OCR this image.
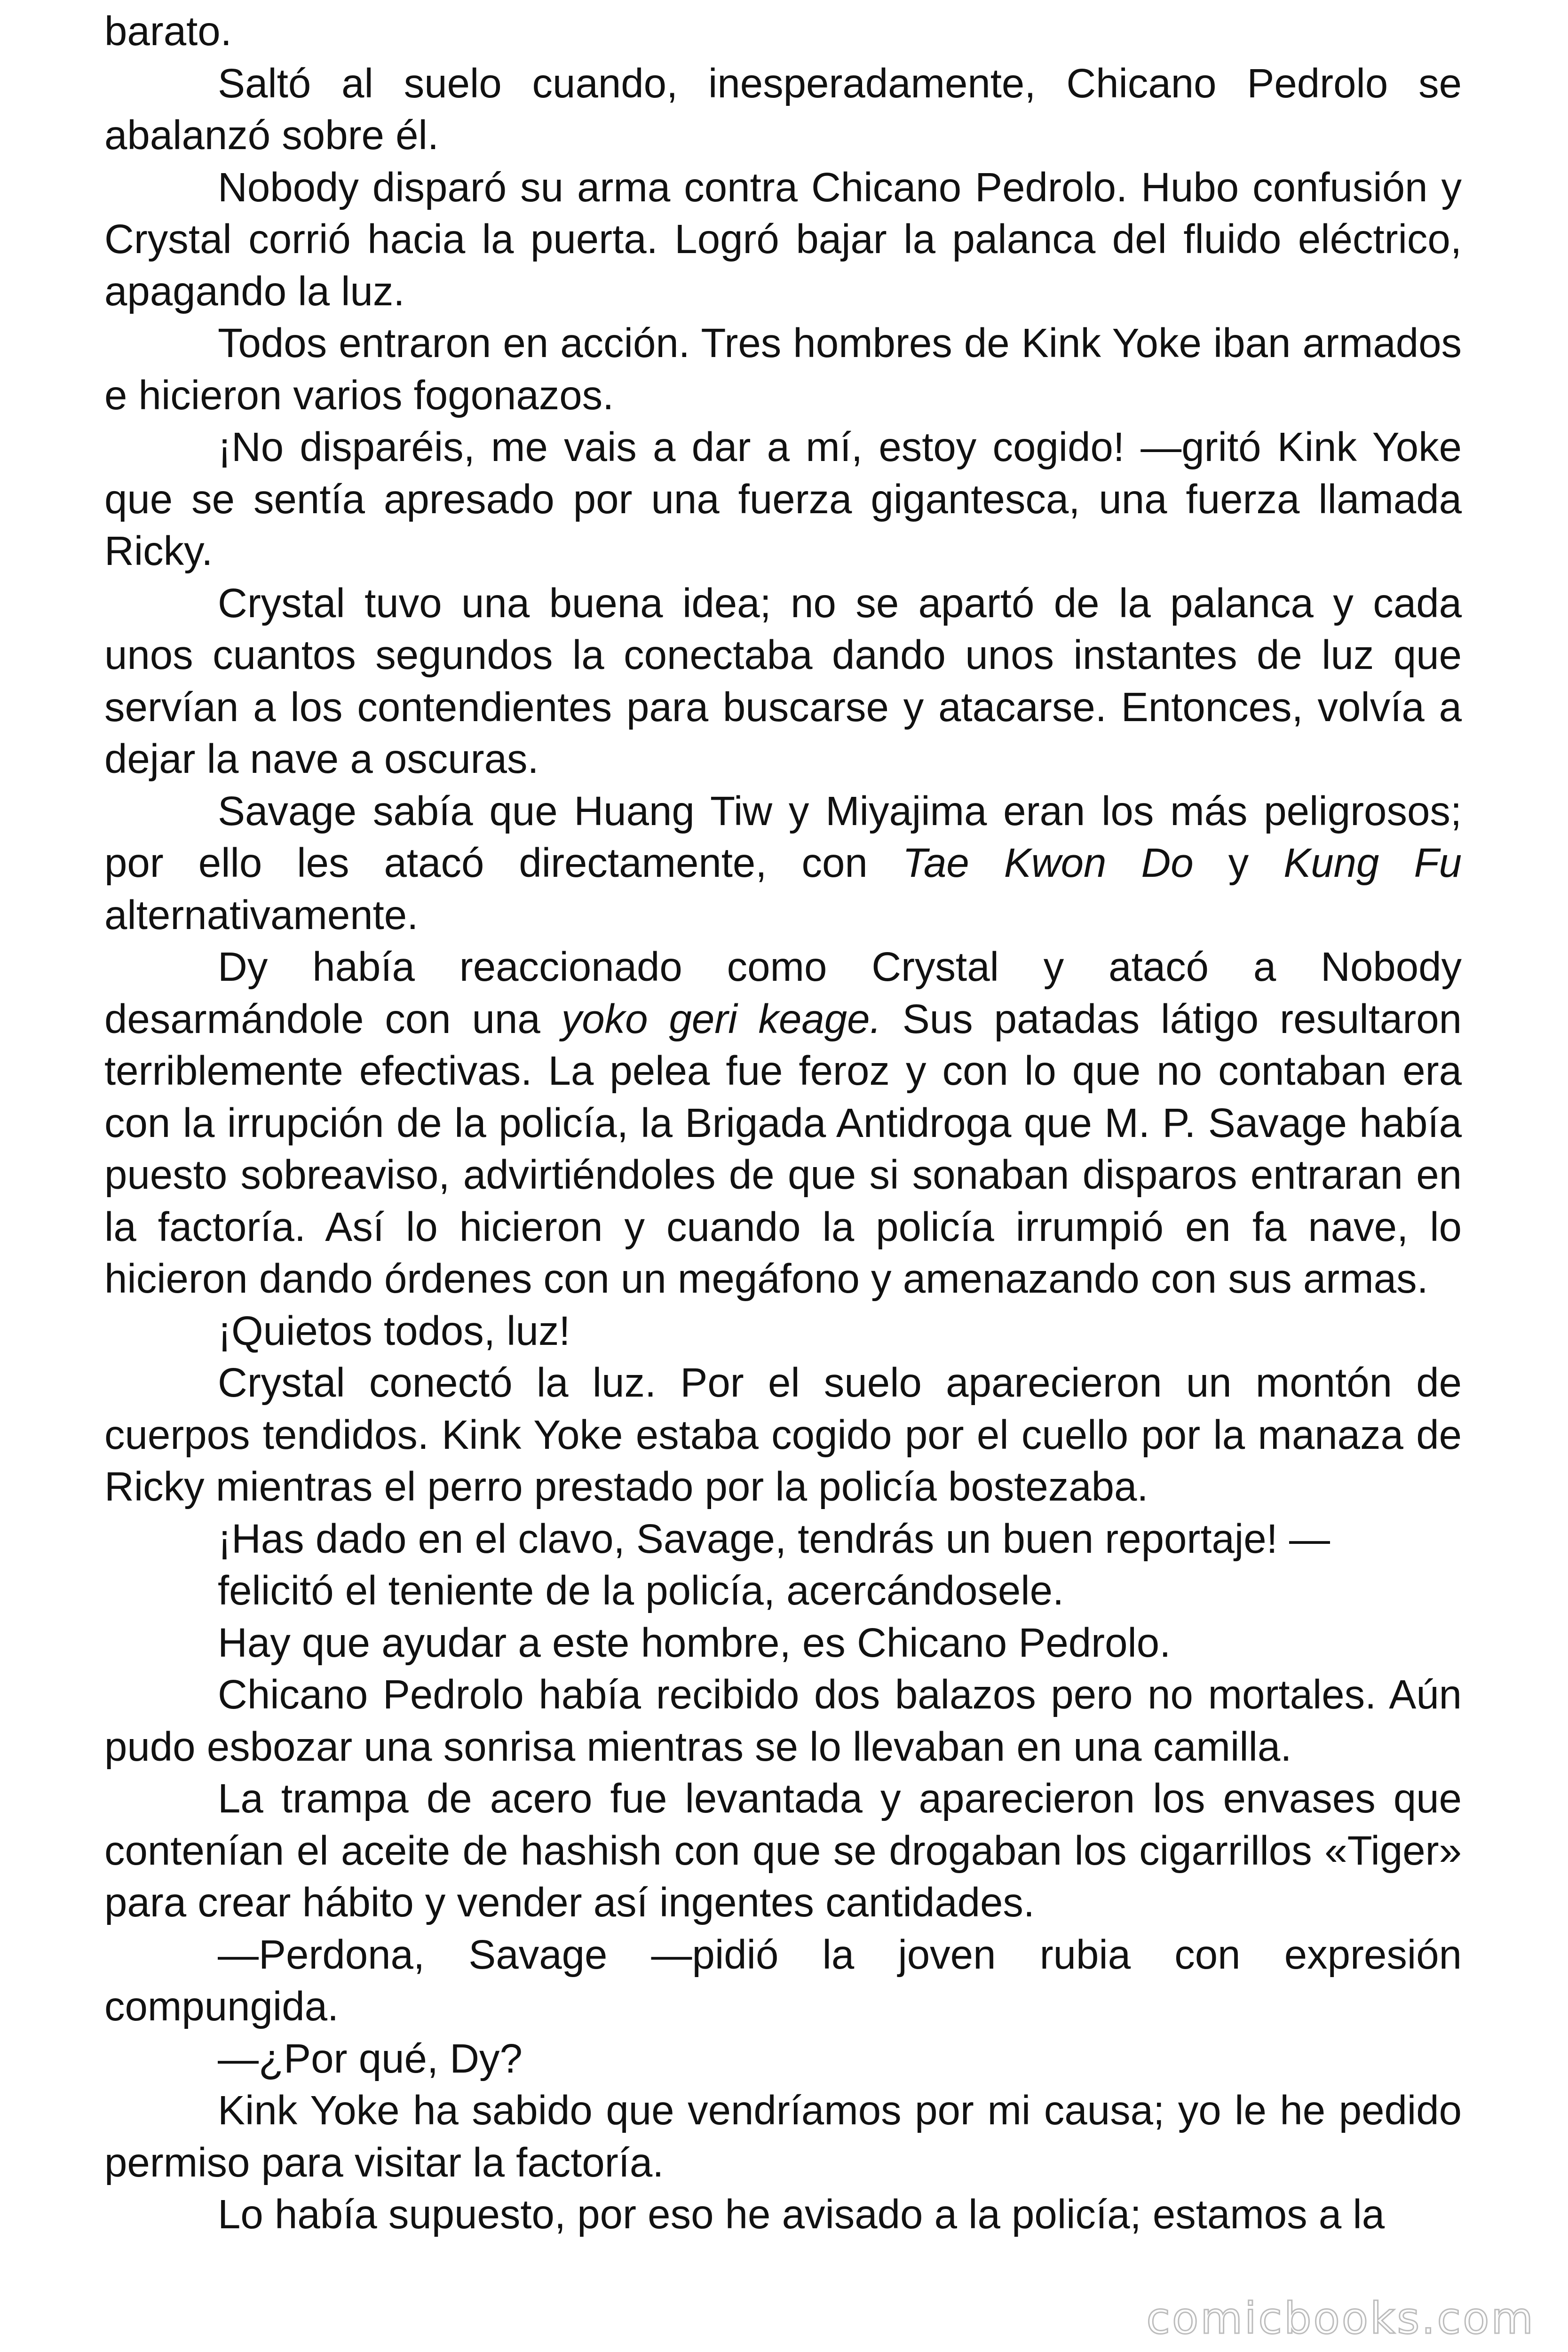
barato.

Saltó al suelo cuando, inesperadamente, Chicano Pedrolo se abalanzó sobre él.

Nobody disparó su arma contra Chicano Pedrolo. Hubo confusión y Crystal corrió hacia la puerta. Logró bajar la palanca del fluido eléctrico, apagando la luz.

Todos entraron en acción. Tres hombres de Kink Yoke iban armados e hicieron varios fogonazos.

¡No disparéis, me vais a dar a mí, estoy cogido! —gritó Kink Yoke que se sentía apresado por una fuerza gigantesca, una fuerza llamada Ricky.

Crystal tuvo una buena idea; no se apartó de la palanca y cada unos cuantos segundos la conectaba dando unos instantes de luz que servían a los contendientes para buscarse y atacarse. Entonces, volvía a dejar la nave a oscuras.

Savage sabía que Huang Tiw y Miyajima eran los más peligrosos; por ello les atacó directamente, con Tae Kwon Do y Kung Fu alternativamente.

Dy había reaccionado como Crystal y atacó a Nobody desarmándole con una yoko geri keage. Sus patadas látigo resultaron terriblemente efectivas. La pelea fue feroz y con lo que no contaban era con la irrupción de la policía, la Brigada Antidroga que M. P. Savage había puesto sobreaviso, advirtiéndoles de que si sonaban disparos entraran en la factoría. Así lo hicieron y cuando la policía irrumpió en fa nave, lo hicieron dando órdenes con un megáfono y amenazando con sus armas.

¡Quietos todos, luz!

Crystal conectó la luz. Por el suelo aparecieron un montón de cuerpos tendidos. Kink Yoke estaba cogido por el cuello por la manaza de Ricky mientras el perro prestado por la policía bostezaba.

¡Has dado en el clavo, Savage, tendrás un buen reportaje! —

felicitó el teniente de la policía, acercándosele.

Hay que ayudar a este hombre, es Chicano Pedrolo.

Chicano Pedrolo había recibido dos balazos pero no mortales. Aún pudo esbozar una sonrisa mientras se lo llevaban en una camilla.

La trampa de acero fue levantada y aparecieron los envases que contenían el aceite de hashish con que se drogaban los cigarrillos «Tiger» para crear hábito y vender así ingentes cantidades.

—Perdona, Savage —pidió la joven rubia con expresión compungida.

—¿Por qué, Dy?

Kink Yoke ha sabido que vendríamos por mi causa; yo le he pedido permiso para visitar la factoría.

Lo había supuesto, por eso he avisado a la policía; estamos a la

comicbooks.com
